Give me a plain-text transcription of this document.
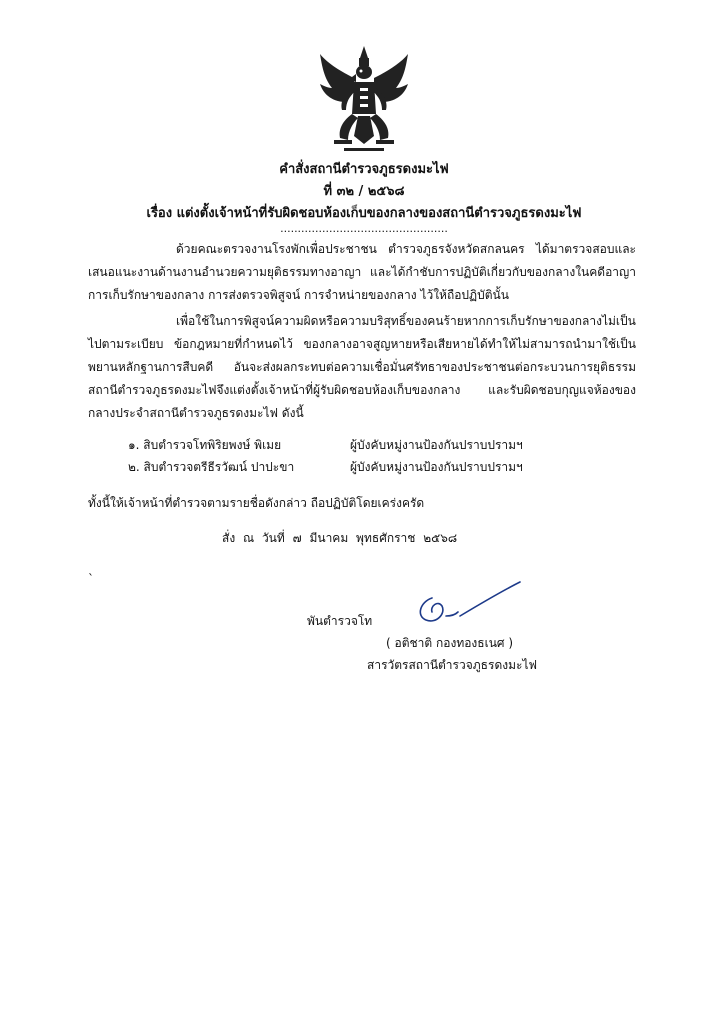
คำสั่งสถานีตำรวจภูธรดงมะไฟ
ที่ ๓๒ / ๒๕๖๘
เรื่อง แต่งตั้งเจ้าหน้าที่รับผิดชอบห้องเก็บของกลางของสถานีตำรวจภูธรดงมะไฟ
................................................
ด้วยคณะตรวจงานโรงพักเพื่อประชาชน ตำรวจภูธรจังหวัดสกลนคร ได้มาตรวจสอบและเสนอแนะงานด้านงานอำนวยความยุติธรรมทางอาญา และได้กำชับการปฏิบัติเกี่ยวกับของกลางในคดีอาญา การเก็บรักษาของกลาง การส่งตรวจพิสูจน์ การจำหน่ายของกลาง ไว้ให้ถือปฏิบัตินั้น
เพื่อใช้ในการพิสูจน์ความผิดหรือความบริสุทธิ์ของคนร้ายหากการเก็บรักษาของกลางไม่เป็นไปตามระเบียบ ข้อกฎหมายที่กำหนดไว้ ของกลางอาจสูญหายหรือเสียหายได้ทำให้ไม่สามารถนำมาใช้เป็นพยานหลักฐานการสืบคดี อันจะส่งผลกระทบต่อความเชื่อมั่นศรัทธาของประชาชนต่อกระบวนการยุติธรรม สถานีตำรวจภูธรดงมะไฟจึงแต่งตั้งเจ้าหน้าที่ผู้รับผิดชอบห้องเก็บของกลาง และรับผิดชอบกุญแจห้องของกลางประจำสถานีตำรวจภูธรดงมะไฟ ดังนี้
๑. สิบตำรวจโทพิริยพงษ์ พิเมย	ผู้บังคับหมู่งานป้องกันปราบปรามฯ
๒. สิบตำรวจตรีธีรวัฒน์ ปาปะขา	ผู้บังคับหมู่งานป้องกันปราบปรามฯ
ทั้งนี้ให้เจ้าหน้าที่ตำรวจตามรายชื่อดังกล่าว ถือปฏิบัติโดยเคร่งครัด
สั่ง ณ วันที่ ๗ มีนาคม พุทธศักราช ๒๕๖๘
`
พันตำรวจโท
( อติชาติ กองทองธเนศ )
สารวัตรสถานีตำรวจภูธรดงมะไฟ
